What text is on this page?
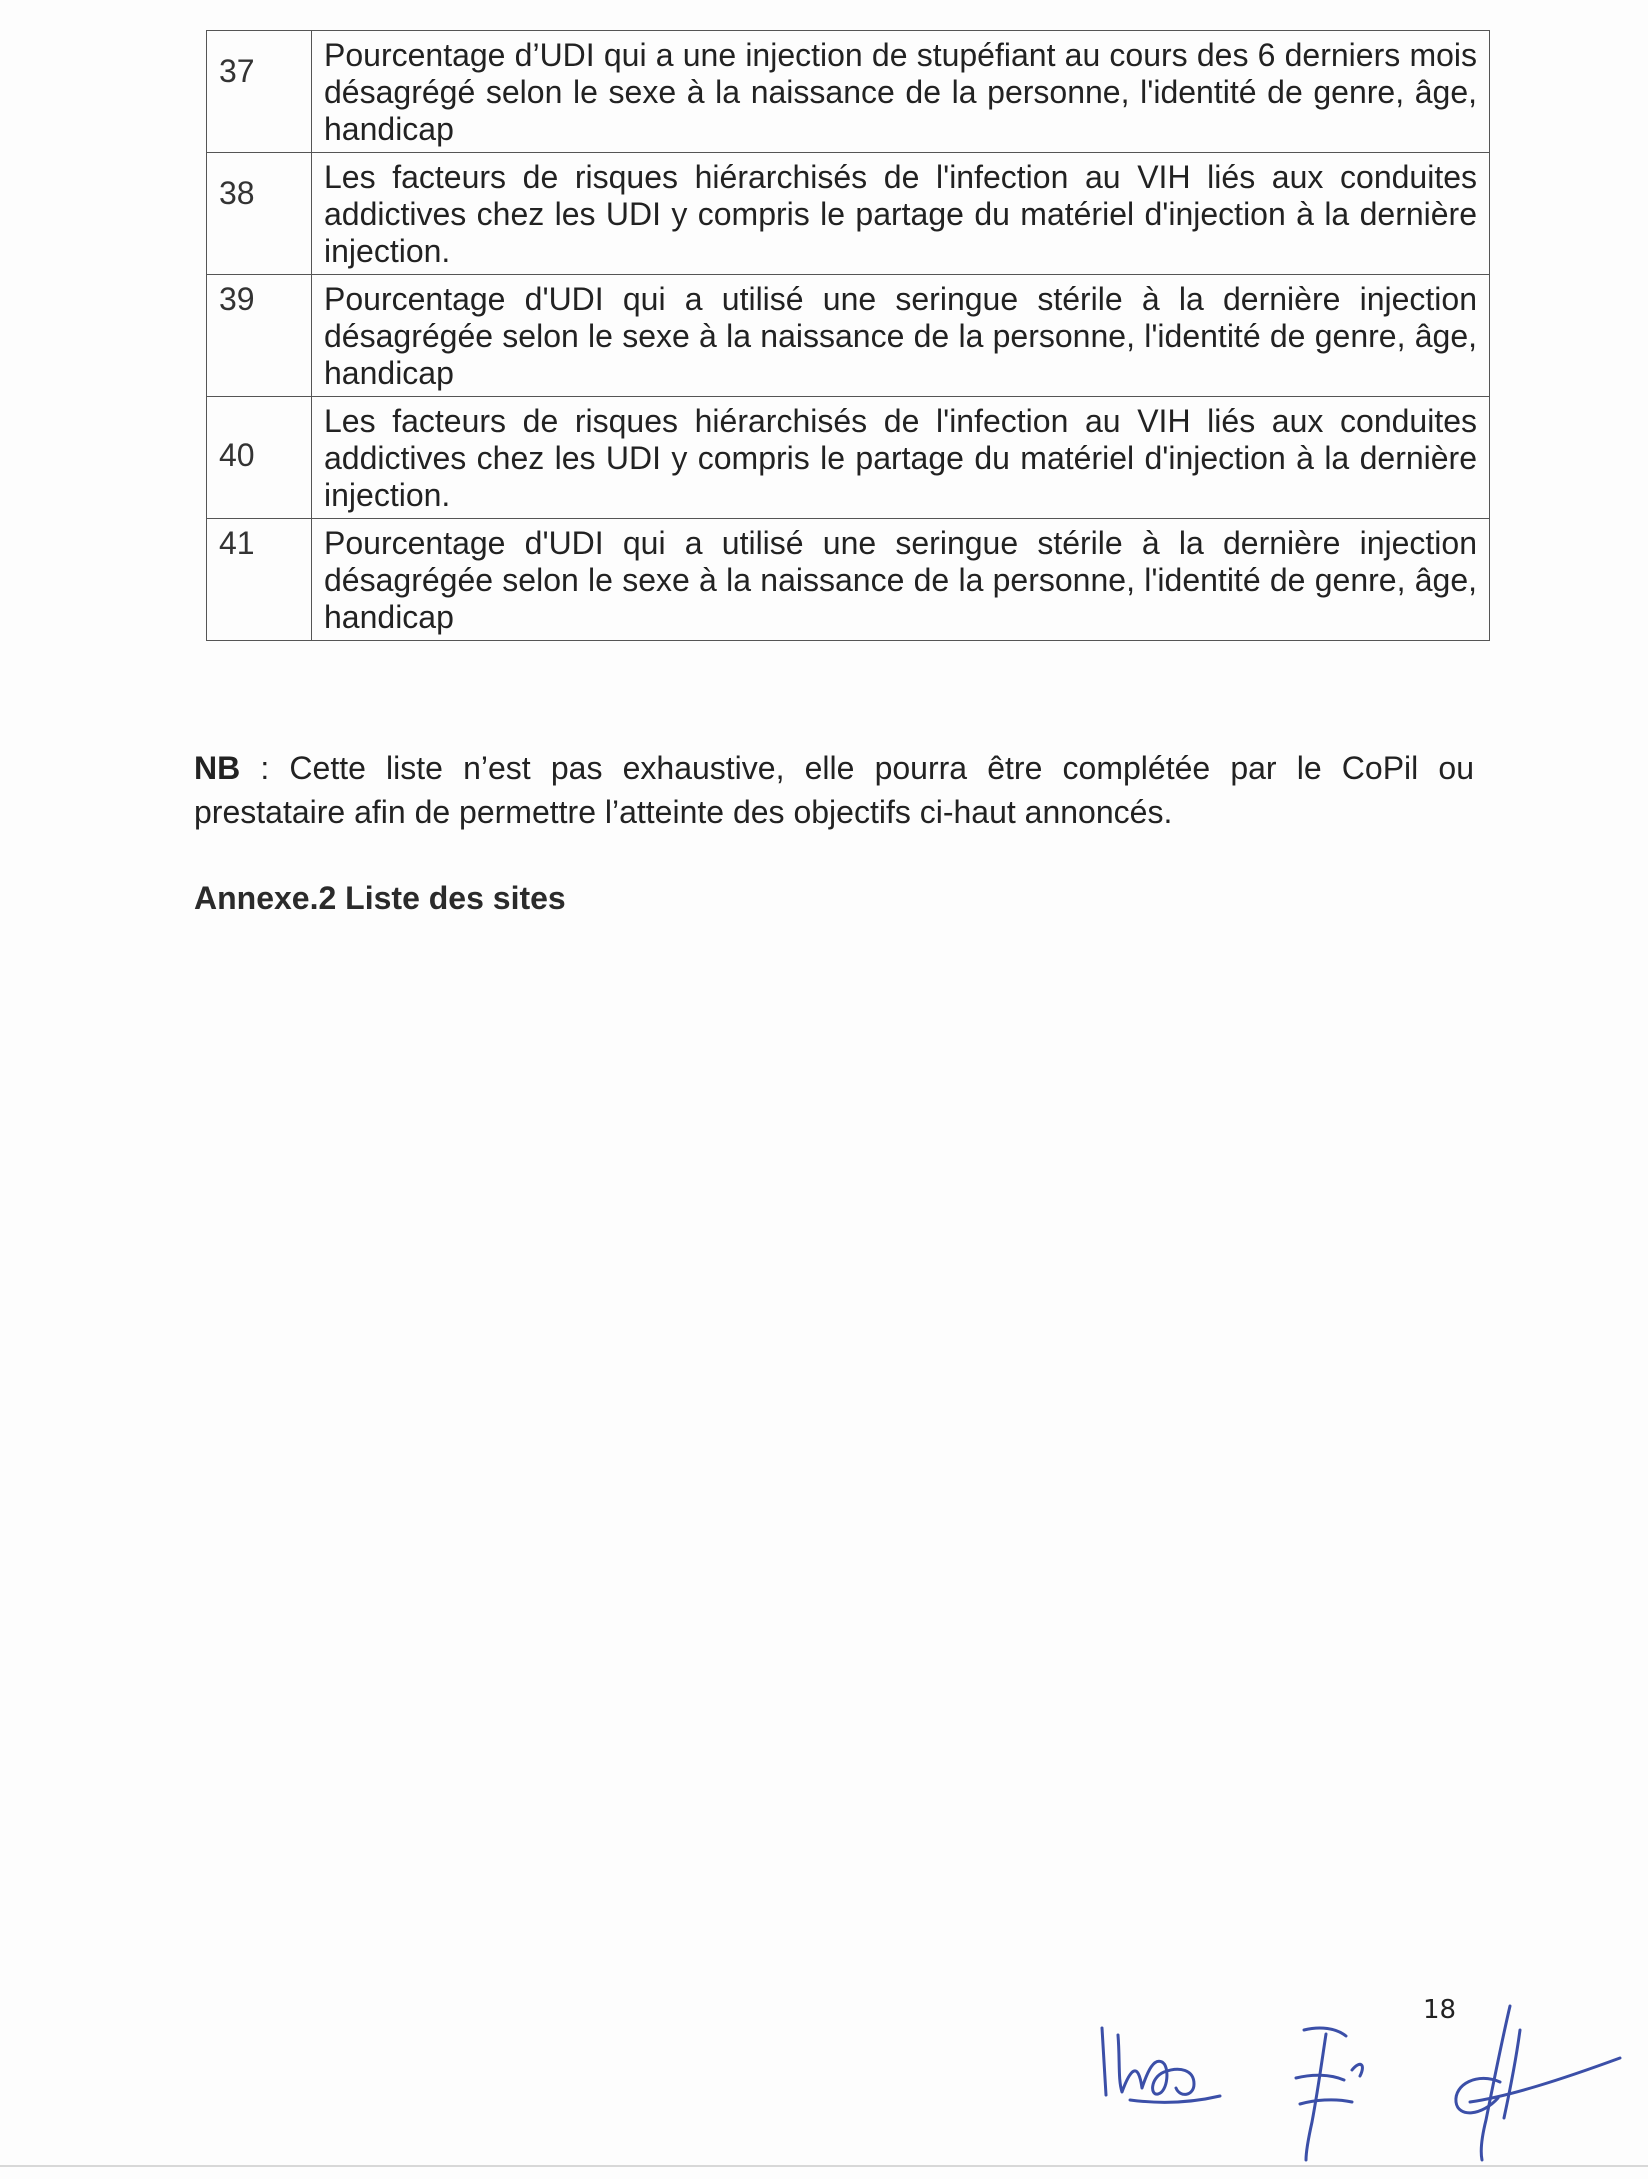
37	Pourcentage d’UDI qui a une injection de stupéfiant au cours des 6 derniers mois désagrégé selon le sexe à la naissance de la personne, l'identité de genre, âge, handicap
38	Les facteurs de risques hiérarchisés de l'infection au VIH liés aux conduites addictives chez les UDI y compris le partage du matériel d'injection à la dernière injection.
39	Pourcentage d'UDI qui a utilisé une seringue stérile à la dernière injection désagrégée selon le sexe à la naissance de la personne, l'identité de genre, âge, handicap
40	Les facteurs de risques hiérarchisés de l'infection au VIH liés aux conduites addictives chez les UDI y compris le partage du matériel d'injection à la dernière injection.
41	Pourcentage d'UDI qui a utilisé une seringue stérile à la dernière injection désagrégée selon le sexe à la naissance de la personne, l'identité de genre, âge, handicap

NB : Cette liste n’est pas exhaustive, elle pourra être complétée par le CoPil ou prestataire afin de permettre l’atteinte des objectifs ci-haut annoncés.

Annexe.2 Liste des sites
18
